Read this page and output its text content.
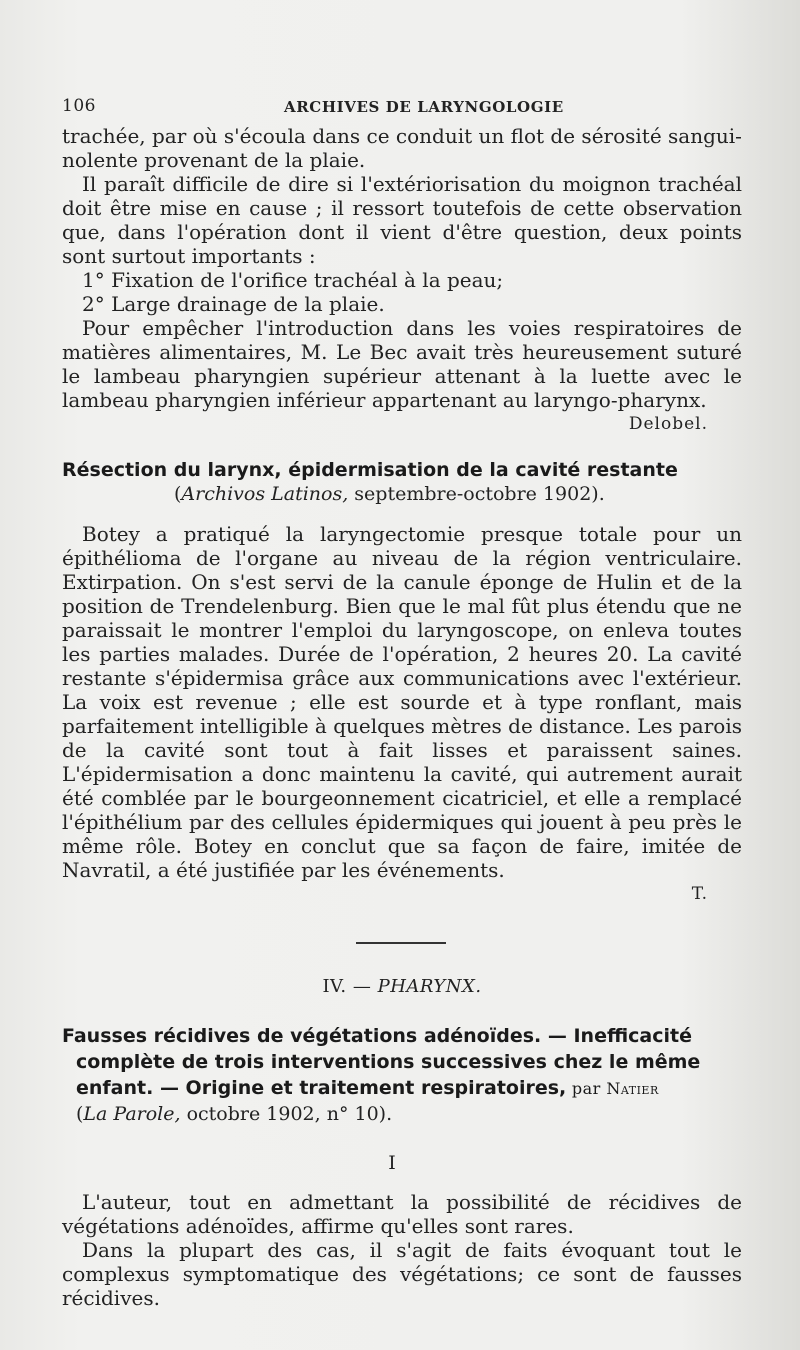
106	ARCHIVES DE LARYNGOLOGIE

trachée, par où s'écoula dans ce conduit un flot de sérosité sangui-

nolente provenant de la plaie.

Il paraît difficile de dire si l'extériorisation du moignon trachéal doit être mise en cause ; il ressort toutefois de cette observation que, dans l'opération dont il vient d'être question, deux points sont surtout importants :

1° Fixation de l'orifice trachéal à la peau;

2° Large drainage de la plaie.

Pour empêcher l'introduction dans les voies respiratoires de matières alimentaires, M. Le Bec avait très heureusement suturé le lambeau pharyngien supérieur attenant à la luette avec le lambeau pharyngien inférieur appartenant au laryngo-pharynx.

Delobel.

Résection du larynx, épidermisation de la cavité restante
(Archivos Latinos, septembre-octobre 1902).

Botey a pratiqué la laryngectomie presque totale pour un épithélioma de l'organe au niveau de la région ventriculaire. Extirpation. On s'est servi de la canule éponge de Hulin et de la position de Trendelenburg. Bien que le mal fût plus étendu que ne paraissait le montrer l'emploi du laryngoscope, on enleva toutes les parties malades. Durée de l'opération, 2 heures 20. La cavité restante s'épidermisa grâce aux communications avec l'extérieur. La voix est revenue ; elle est sourde et à type ronflant, mais parfaitement intelligible à quelques mètres de distance. Les parois de la cavité sont tout à fait lisses et paraissent saines. L'épidermisation a donc maintenu la cavité, qui autrement aurait été comblée par le bourgeonnement cicatriciel, et elle a remplacé l'épithélium par des cellules épidermiques qui jouent à peu près le même rôle. Botey en conclut que sa façon de faire, imitée de Navratil, a été justifiée par les événements.

T.

IV. — PHARYNX.
Fausses récidives de végétations adénoïdes. — Inefficacité
complète de trois interventions successives chez le même
enfant. — Origine et traitement respiratoires, par Natier
(La Parole, octobre 1902, n° 10).
I

L'auteur, tout en admettant la possibilité de récidives de végétations adénoïdes, affirme qu'elles sont rares.

Dans la plupart des cas, il s'agit de faits évoquant tout le complexus symptomatique des végétations; ce sont de fausses récidives.
